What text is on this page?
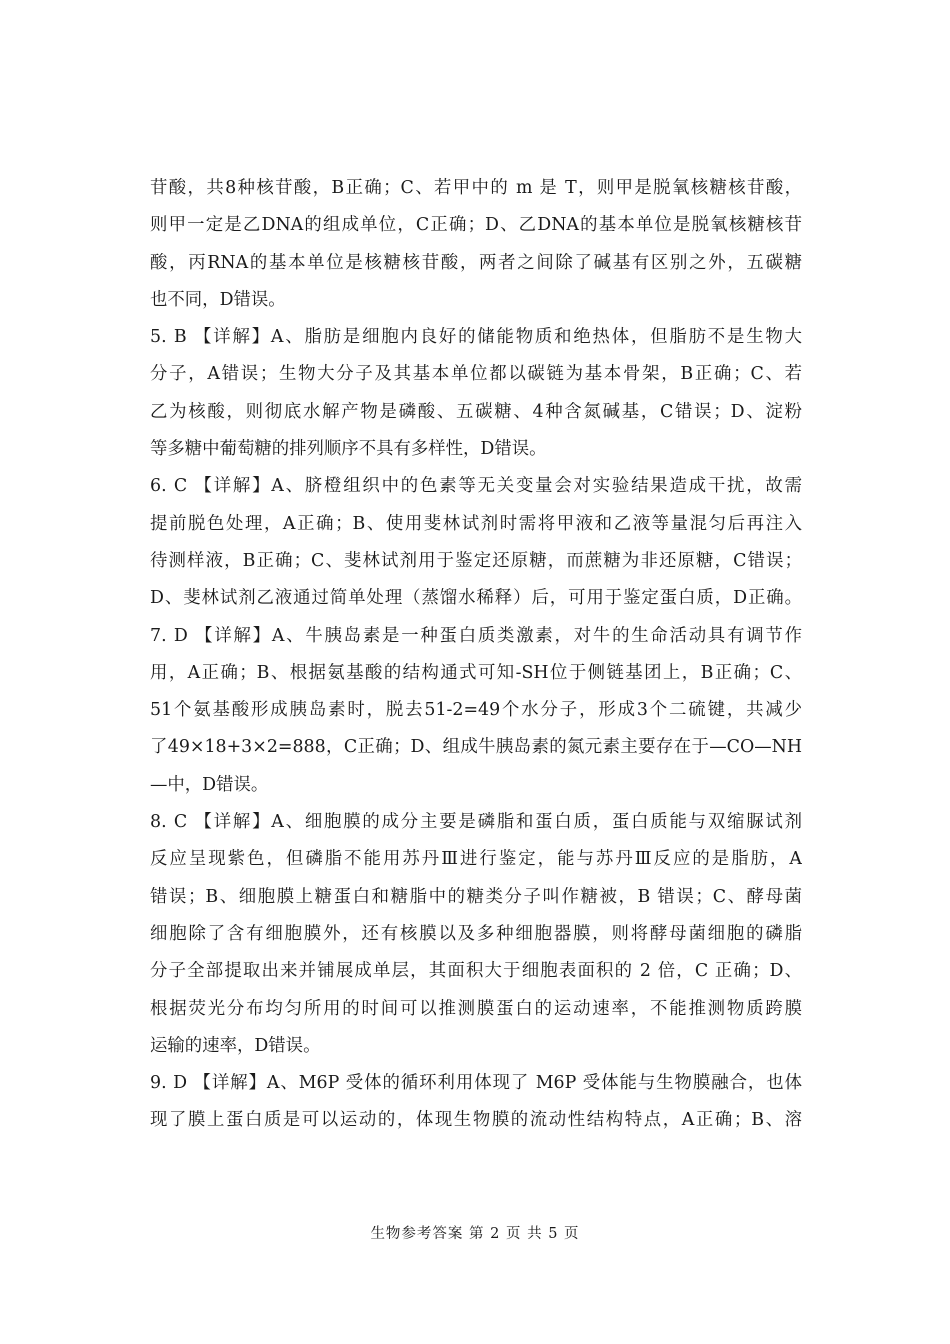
苷酸，共8种核苷酸，B正确；C、若甲中的 m 是 T，则甲是脱氧核糖核苷酸，
则甲一定是乙DNA的组成单位，C正确；D、乙DNA的基本单位是脱氧核糖核苷
酸，丙RNA的基本单位是核糖核苷酸，两者之间除了碱基有区别之外，五碳糖
也不同，D错误。
5. B 【详解】A、脂肪是细胞内良好的储能物质和绝热体，但脂肪不是生物大
分子，A错误；生物大分子及其基本单位都以碳链为基本骨架，B正确；C、若
乙为核酸，则彻底水解产物是磷酸、五碳糖、4种含氮碱基，C错误；D、淀粉
等多糖中葡萄糖的排列顺序不具有多样性，D错误。
6. C 【详解】A、脐橙组织中的色素等无关变量会对实验结果造成干扰，故需
提前脱色处理，A正确；B、使用斐林试剂时需将甲液和乙液等量混匀后再注入
待测样液，B正确；C、斐林试剂用于鉴定还原糖，而蔗糖为非还原糖，C错误；
D、斐林试剂乙液通过简单处理（蒸馏水稀释）后，可用于鉴定蛋白质，D正确。
7. D 【详解】A、牛胰岛素是一种蛋白质类激素，对牛的生命活动具有调节作
用，A正确；B、根据氨基酸的结构通式可知-SH位于侧链基团上，B正确；C、
51个氨基酸形成胰岛素时，脱去51-2=49个水分子，形成3个二硫键，共减少
了49×18+3×2=888，C正确；D、组成牛胰岛素的氮元素主要存在于—CO—NH
—中，D错误。
8. C 【详解】A、细胞膜的成分主要是磷脂和蛋白质，蛋白质能与双缩脲试剂
反应呈现紫色，但磷脂不能用苏丹Ⅲ进行鉴定，能与苏丹Ⅲ反应的是脂肪，A
错误；B、细胞膜上糖蛋白和糖脂中的糖类分子叫作糖被，B 错误；C、酵母菌
细胞除了含有细胞膜外，还有核膜以及多种细胞器膜，则将酵母菌细胞的磷脂
分子全部提取出来并铺展成单层，其面积大于细胞表面积的 2 倍，C 正确；D、
根据荧光分布均匀所用的时间可以推测膜蛋白的运动速率，不能推测物质跨膜
运输的速率，D错误。
9. D 【详解】A、M6P 受体的循环利用体现了 M6P 受体能与生物膜融合，也体
现了膜上蛋白质是可以运动的，体现生物膜的流动性结构特点，A正确；B、溶
生物参考答案 第 2 页 共 5 页
